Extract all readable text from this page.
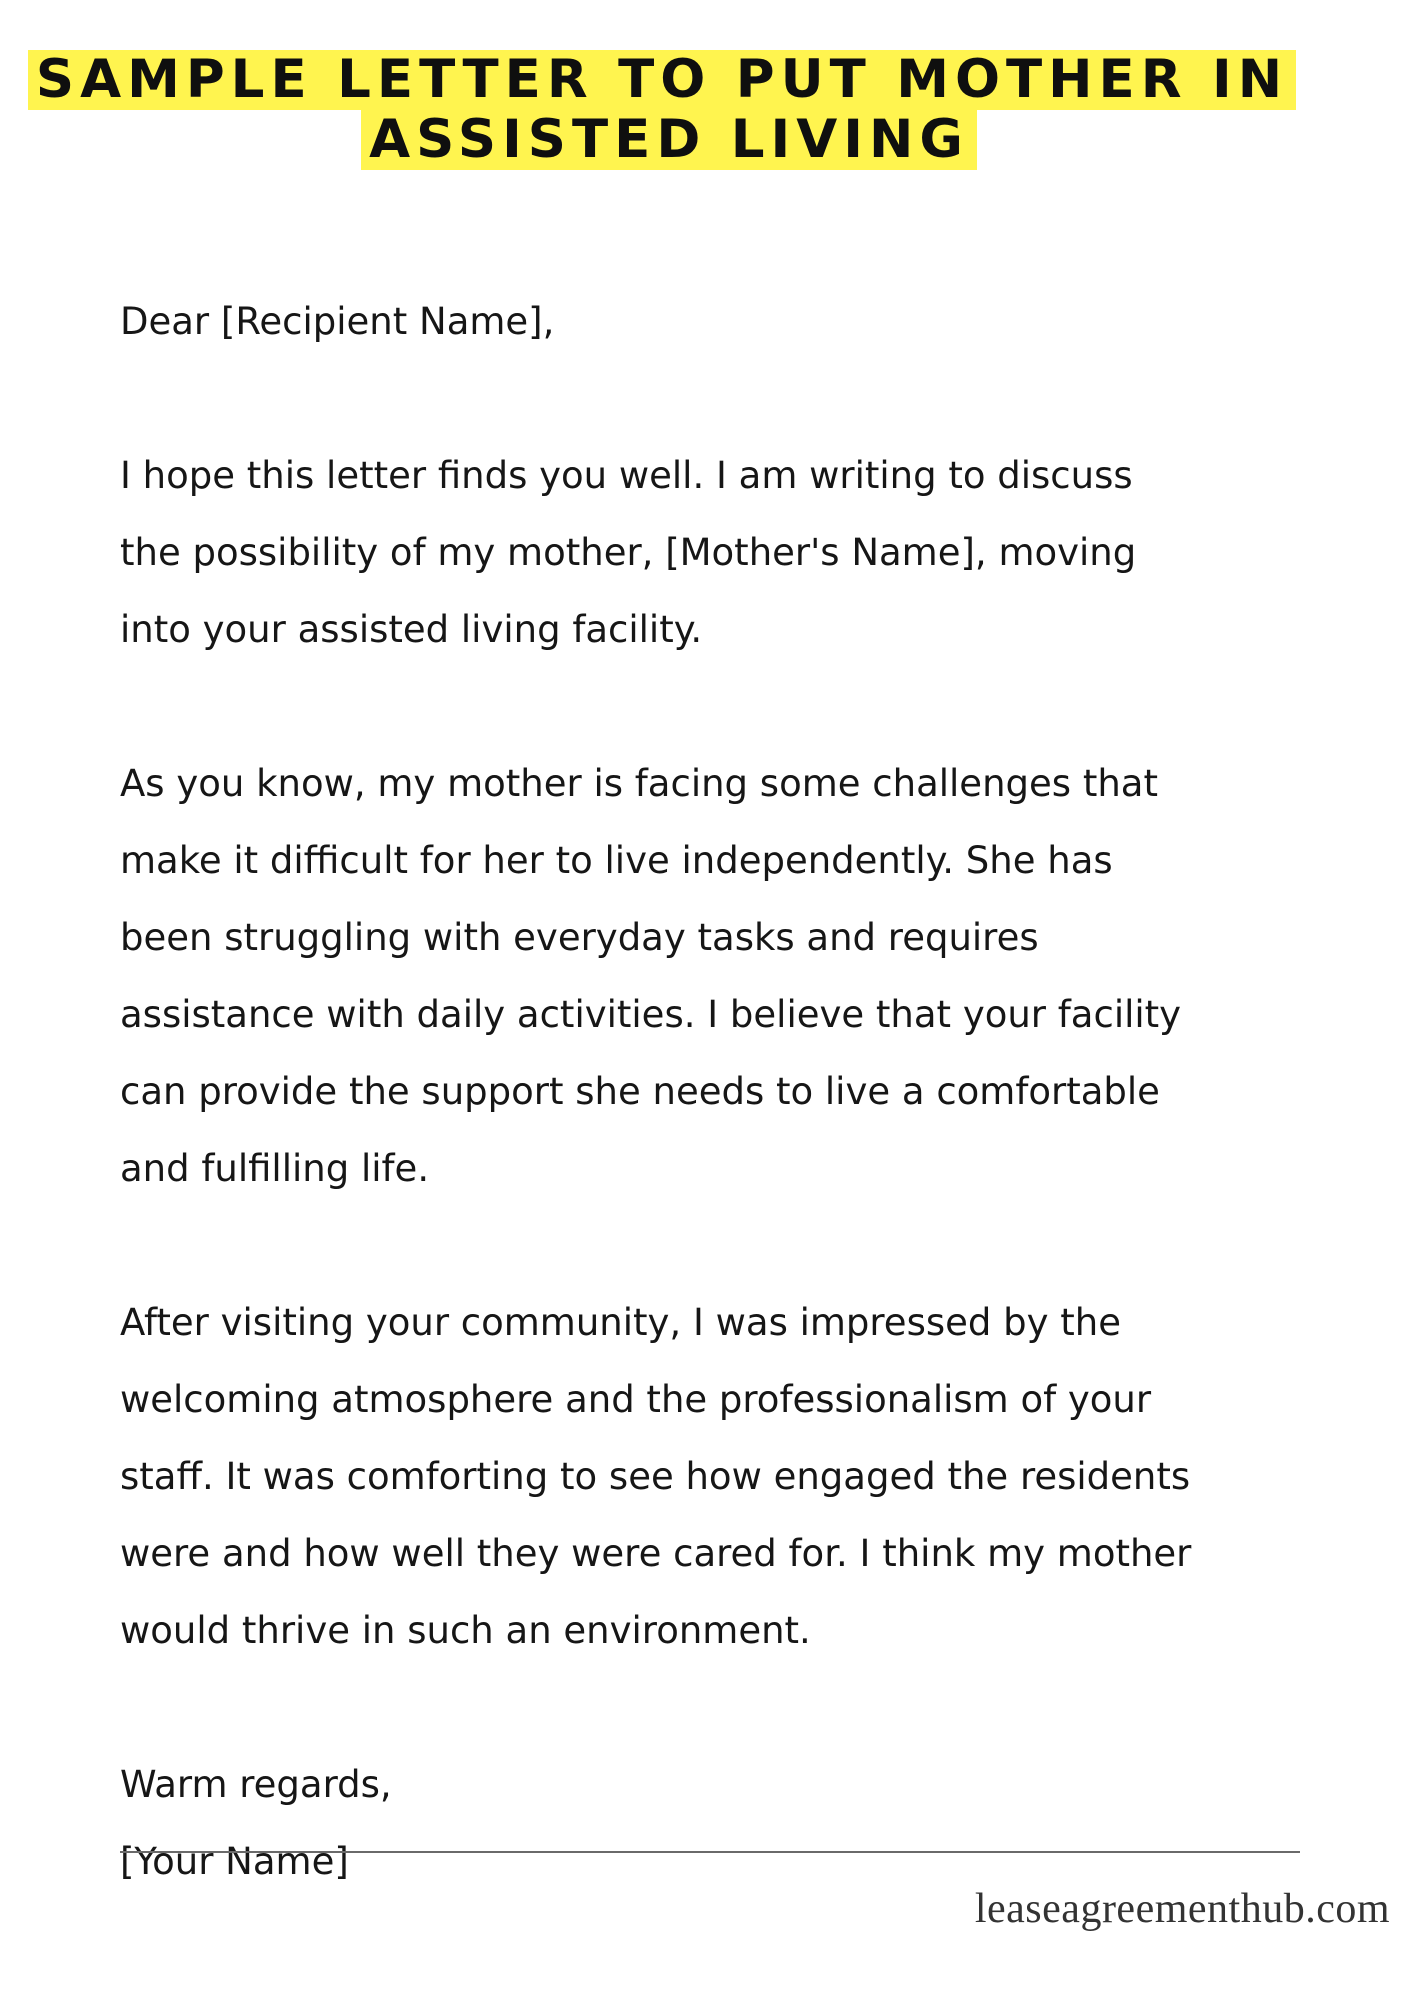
SAMPLE LETTER TO PUT MOTHER IN
ASSISTED LIVING

Dear [Recipient Name],

I hope this letter finds you well. I am writing to discuss

the possibility of my mother, [Mother's Name], moving

into your assisted living facility.

As you know, my mother is facing some challenges that

make it difficult for her to live independently. She has

been struggling with everyday tasks and requires

assistance with daily activities. I believe that your facility

can provide the support she needs to live a comfortable

and fulfilling life.

After visiting your community, I was impressed by the

welcoming atmosphere and the professionalism of your

staff. It was comforting to see how engaged the residents

were and how well they were cared for. I think my mother

would thrive in such an environment.

Warm regards,

[Your Name]

leaseagreementhub.com
